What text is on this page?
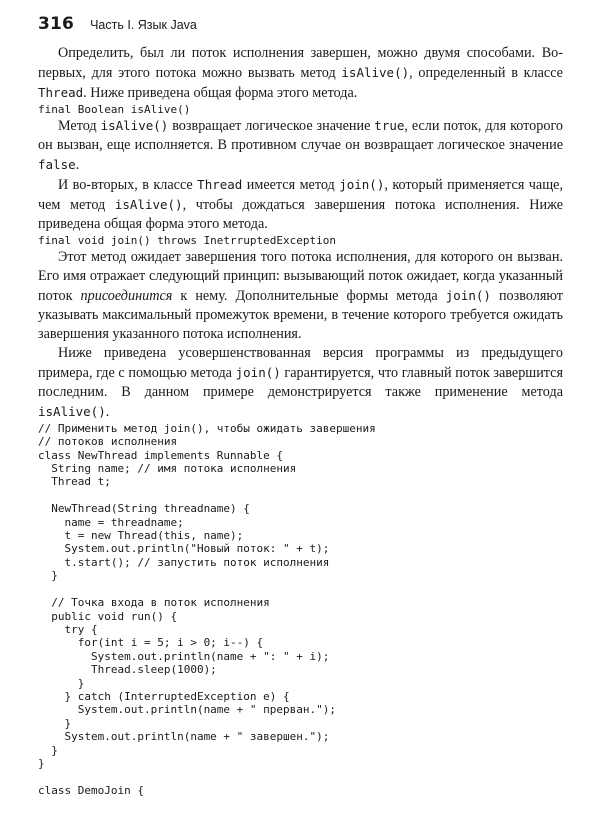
316 Часть I. Язык Java

Определить, был ли поток исполнения завершен, можно двумя способами. Во-первых, для этого потока можно вызвать метод isAlive(), определенный в классе Thread. Ниже приведена общая форма этого метода.

final Boolean isAlive()

Метод isAlive() возвращает логическое значение true, если поток, для которого он вызван, еще исполняется. В противном случае он возвращает логическое значение false.

И во-вторых, в классе Thread имеется метод join(), который применяется чаще, чем метод isAlive(), чтобы дождаться завершения потока исполнения. Ниже приведена общая форма этого метода.

final void join() throws InetrruptedException

Этот метод ожидает завершения того потока исполнения, для которого он вызван. Его имя отражает следующий принцип: вызывающий поток ожидает, когда указанный поток присоединится к нему. Дополнительные формы метода join() позволяют указывать максимальный промежуток времени, в течение которого требуется ожидать завершения указанного потока исполнения.

Ниже приведена усовершенствованная версия программы из предыдущего примера, где с помощью метода join() гарантируется, что главный поток завершится последним. В данном примере демонстрируется также применение метода isAlive().

// Применить метод join(), чтобы ожидать завершения
// потоков исполнения
class NewThread implements Runnable {
String name; // имя потока исполнения
Thread t;

NewThread(String threadname) {
name = threadname;
t = new Thread(this, name);
System.out.println("Новый поток: " + t);
t.start(); // запустить поток исполнения
}

// Точка входа в поток исполнения
public void run() {
try {
for(int i = 5; i > 0; i--) {
System.out.println(name + ": " + i);
Thread.sleep(1000);
}
} catch (InterruptedException e) {
System.out.println(name + " прерван.");
}
System.out.println(name + " завершен.");
}
}

class DemoJoin {
